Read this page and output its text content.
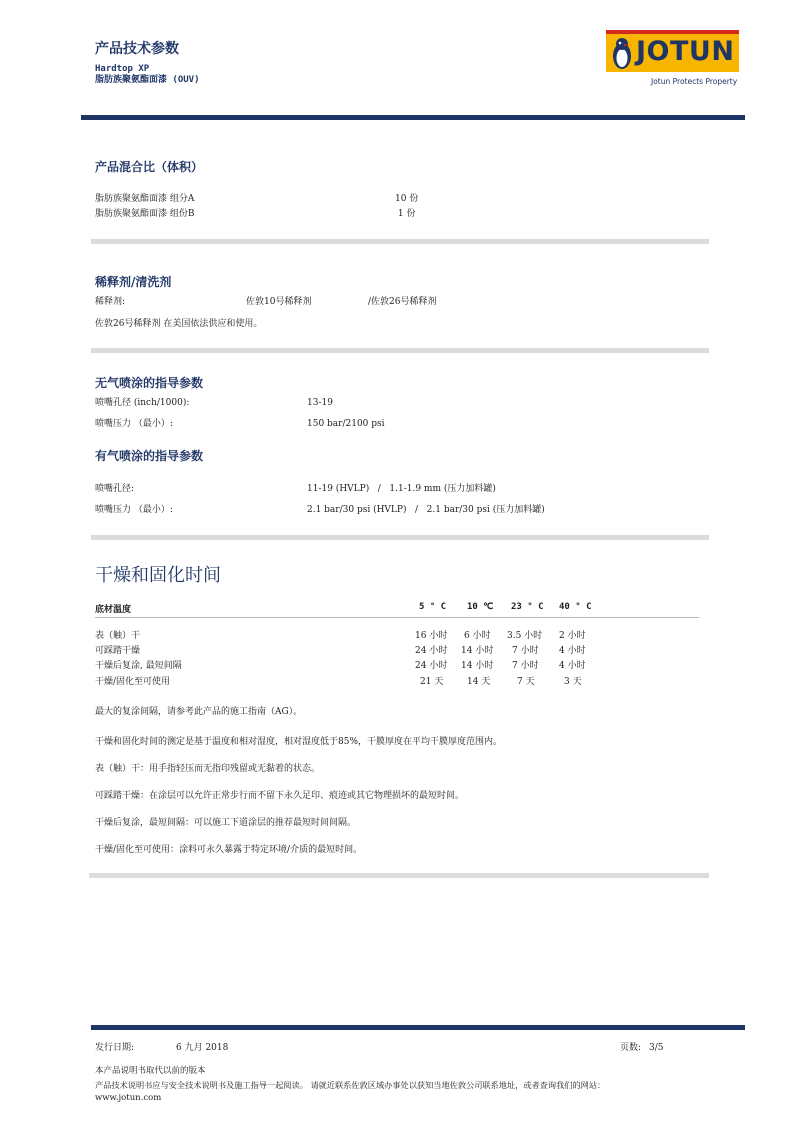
产品技术参数
Hardtop XP
脂肪族聚氨酯面漆 (OUV)
JOTUN
Jotun Protects Property
产品混合比（体积）
脂肪族聚氨酯面漆 组分A	10 份
脂肪族聚氨酯面漆 组份B	1 份
稀释剂/清洗剂
稀释剂:	佐敦10号稀释剂	/佐敦26号稀释剂
佐敦26号稀释剂 在美国依法供应和使用。
无气喷涂的指导参数
喷嘴孔径 (inch/1000):	13-19
喷嘴压力 （最小）:	150 bar/2100 psi
有气喷涂的指导参数
喷嘴孔径:	11-19 (HVLP)   /   1.1-1.9 mm (压力加料罐)
喷嘴压力 （最小）:	2.1 bar/30 psi (HVLP)   /   2.1 bar/30 psi (压力加料罐)
干燥和固化时间
底材温度	5 ° C 10 ℃ 23 ° C 40 ° C
表（触）干	16 小时 6 小时 3.5 小时 2 小时
可踩踏干燥	24 小时 14 小时 7 小时 4 小时
干燥后复涂, 最短间隔	24 小时 14 小时 7 小时 4 小时
干燥/固化至可使用	21 天	14 天	7 天	3 天
最大的复涂间隔，请参考此产品的施工指南（AG）。
干燥和固化时间的测定是基于温度和相对湿度，相对湿度低于85%，干膜厚度在平均干膜厚度范围内。
表（触）干：用手指轻压而无指印残留或无黏着的状态。
可踩踏干燥：在涂层可以允许正常步行而不留下永久足印、痕迹或其它物理损坏的最短时间。
干燥后复涂，最短间隔：可以施工下道涂层的推荐最短时间间隔。
干燥/固化至可使用：涂料可永久暴露于特定环境/介质的最短时间。
发行日期:	6 九月 2018	页数: 3/5
本产品说明书取代以前的版本
产品技术说明书应与安全技术说明书及施工指导一起阅读。 请就近联系佐敦区域办事处以获知当地佐敦公司联系地址，或者查询我们的网站：
www.jotun.com
